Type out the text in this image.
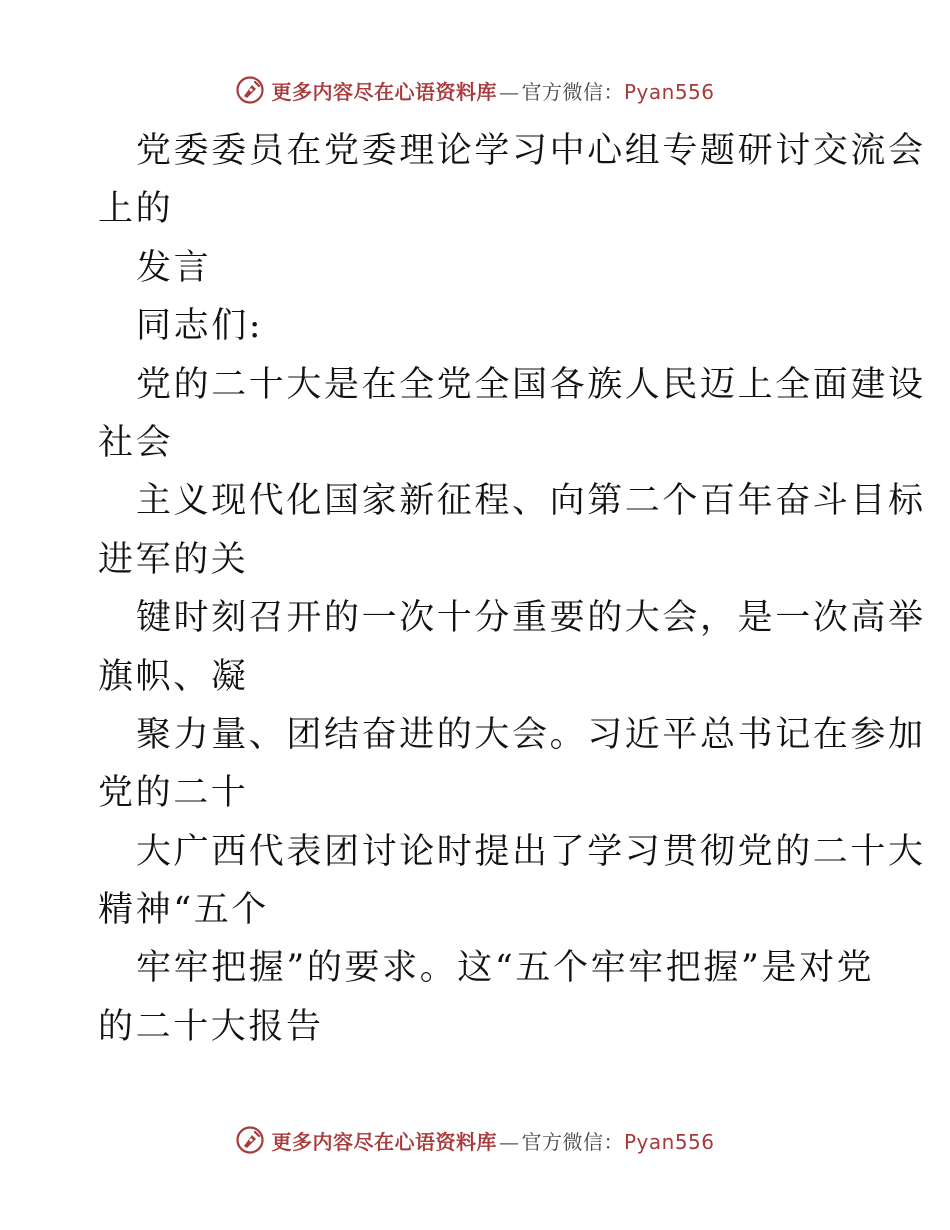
更多内容尽在心语资料库 — 官方微信： Pyan556
党委委员在党委理论学习中心组专题研讨交流会
上的
发言
同志们:
党的二十大是在全党全国各族人民迈上全面建设
社会
主义现代化国家新征程、向第二个百年奋斗目标
进军的关
键时刻召开的一次十分重要的大会，是一次高举
旗帜、凝
聚力量、团结奋进的大会。习近平总书记在参加
党的二十
大广西代表团讨论时提出了学习贯彻党的二十大
精神“五个
牢牢把握”的要求。这“五个牢牢把握”是对党
的二十大报告
更多内容尽在心语资料库 — 官方微信： Pyan556
